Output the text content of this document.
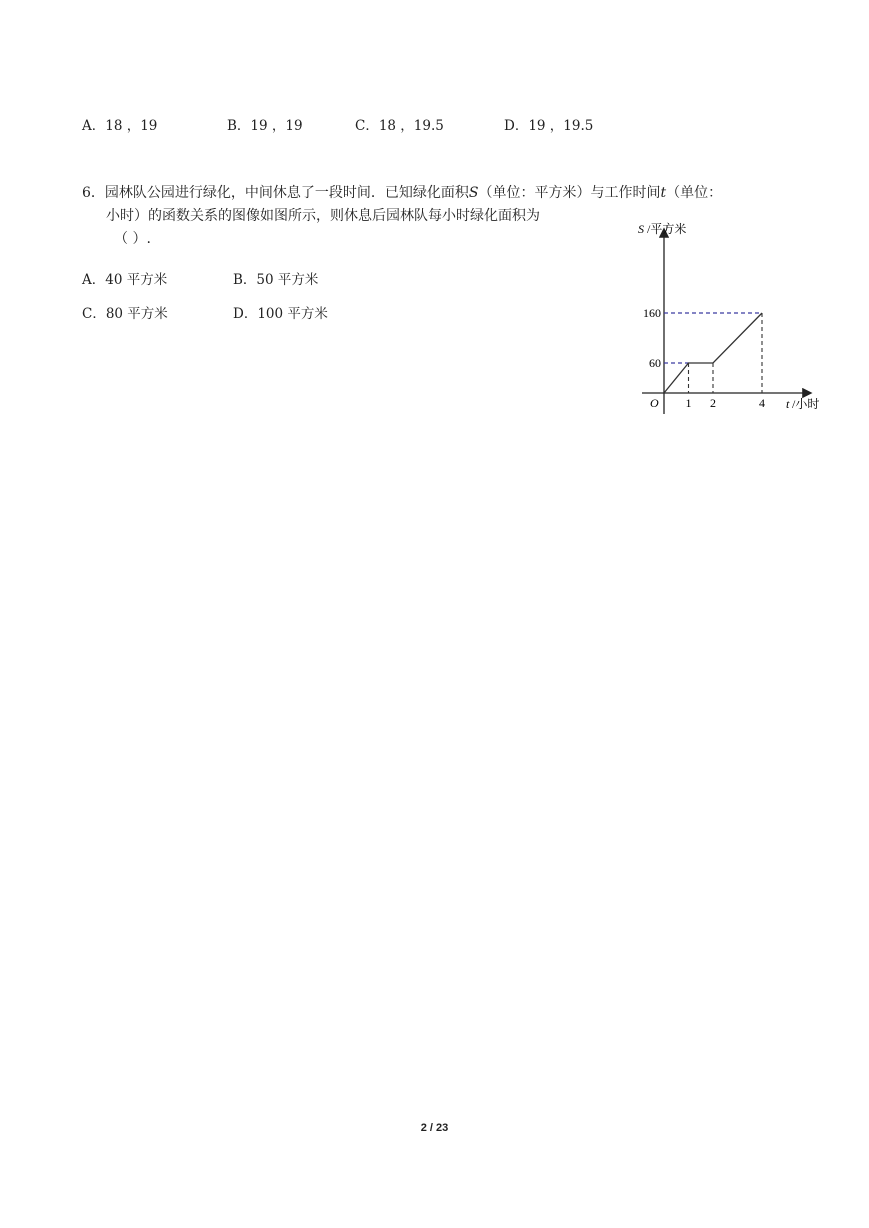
A．18 ，19	B．19 ，19	C．18 ，19.5	D．19 ，19.5
6．园林队公园进行绿化，中间休息了一段时间．已知绿化面积S（单位：平方米）与工作时间t（单位：
小时）的函数关系的图像如图所示，则休息后园林队每小时绿化面积为
（ ）.
A．40 平方米	B．50 平方米
C．80 平方米	D．100 平方米
S /平方米
t /小时
O 1 2	4
60
160
2 / 23
